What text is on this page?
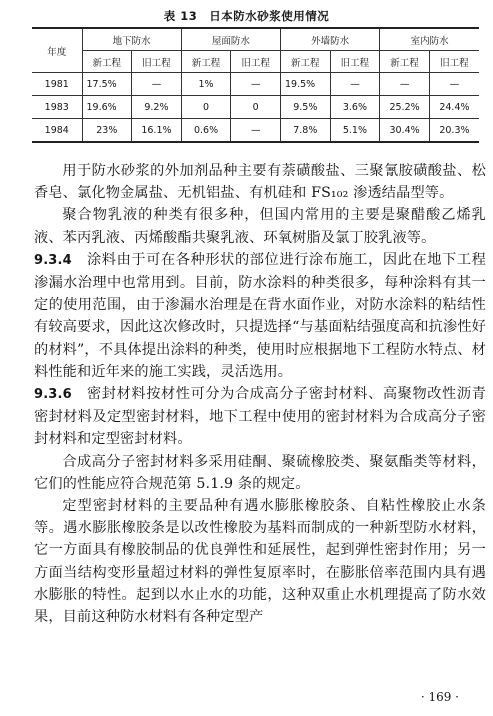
表 13　日本防水砂浆使用情况
年度	地下防水		屋面防水		外墙防水		室内防水	
	新工程	旧工程	新工程	旧工程	新工程	旧工程	新工程	旧工程
1981	17.5%	—	1%	—	19.5%	—	—	—
1983	19.6%	9.2%	0	0	9.5%	3.6%	25.2%	24.4%
1984	23%	16.1%	0.6%	—	7.8%	5.1%	30.4%	20.3%

用于防水砂浆的外加剂品种主要有萘磺酸盐、三聚氰胺磺酸盐、松香皂、氯化物金属盐、无机铝盐、有机硅和 FS₁₀₂ 渗透结晶型等。

聚合物乳液的种类有很多种，但国内常用的主要是聚醋酸乙烯乳液、苯丙乳液、丙烯酸酯共聚乳液、环氧树脂及氯丁胶乳液等。

9.3.4　 涂料由于可在各种形状的部位进行涂布施工，因此在地下工程渗漏水治理中也常用到。目前，防水涂料的种类很多，每种涂料有其一定的使用范围，由于渗漏水治理是在背水面作业，对防水涂料的粘结性有较高要求，因此这次修改时，只提选择“与基面粘结强度高和抗渗性好的材料”，不具体提出涂料的种类，使用时应根据地下工程防水特点、材料性能和近年来的施工实践，灵活选用。

9.3.6　 密封材料按材性可分为合成高分子密封材料、高聚物改性沥青密封材料及定型密封材料，地下工程中使用的密封材料为合成高分子密封材料和定型密封材料。

合成高分子密封材料多采用硅酮、聚硫橡胶类、聚氨酯类等材料，它们的性能应符合规范第 5.1.9 条的规定。

定型密封材料的主要品种有遇水膨胀橡胶条、自粘性橡胶止水条等。遇水膨胀橡胶条是以改性橡胶为基料而制成的一种新型防水材料，它一方面具有橡胶制品的优良弹性和延展性，起到弹性密封作用；另一方面当结构变形量超过材料的弹性复原率时，在膨胀倍率范围内具有遇水膨胀的特性。起到以水止水的功能，这种双重止水机理提高了防水效果，目前这种防水材料有各种定型产

· 169 ·
